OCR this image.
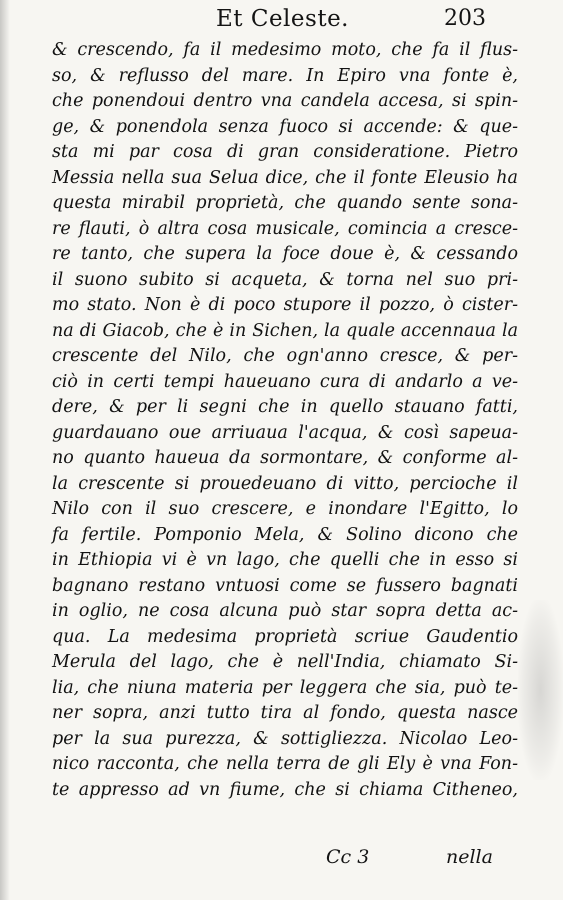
Et Celeste.	203
& crescendo, fa il medesimo moto, che fa il flus-
so, & reflusso del mare. In Epiro vna fonte è,
che ponendoui dentro vna candela accesa, si spin-
ge, & ponendola senza fuoco si accende: & que-
sta mi par cosa di gran consideratione. Pietro
Messia nella sua Selua dice, che il fonte Eleusio ha
questa mirabil proprietà, che quando sente sona-
re flauti, ò altra cosa musicale, comincia a cresce-
re tanto, che supera la foce doue è, & cessando
il suono subito si acqueta, & torna nel suo pri-
mo stato. Non è di poco stupore il pozzo, ò cister-
na di Giacob, che è in Sichen, la quale accennaua la
crescente del Nilo, che ogn'anno cresce, & per-
ciò in certi tempi haueuano cura di andarlo a ve-
dere, & per li segni che in quello stauano fatti,
guardauano oue arriuaua l'acqua, & così sapeua-
no quanto haueua da sormontare, & conforme al-
la crescente si prouedeuano di vitto, percioche il
Nilo con il suo crescere, e inondare l'Egitto, lo
fa fertile. Pomponio Mela, & Solino dicono che
in Ethiopia vi è vn lago, che quelli che in esso si
bagnano restano vntuosi come se fussero bagnati
in oglio, ne cosa alcuna può star sopra detta ac-
qua. La medesima proprietà scriue Gaudentio
Merula del lago, che è nell'India, chiamato Si-
lia, che niuna materia per leggera che sia, può te-
ner sopra, anzi tutto tira al fondo, questa nasce
per la sua purezza, & sottigliezza. Nicolao Leo-
nico racconta, che nella terra de gli Ely è vna Fon-
te appresso ad vn fiume, che si chiama Citheneo,
Cc 3	nella
